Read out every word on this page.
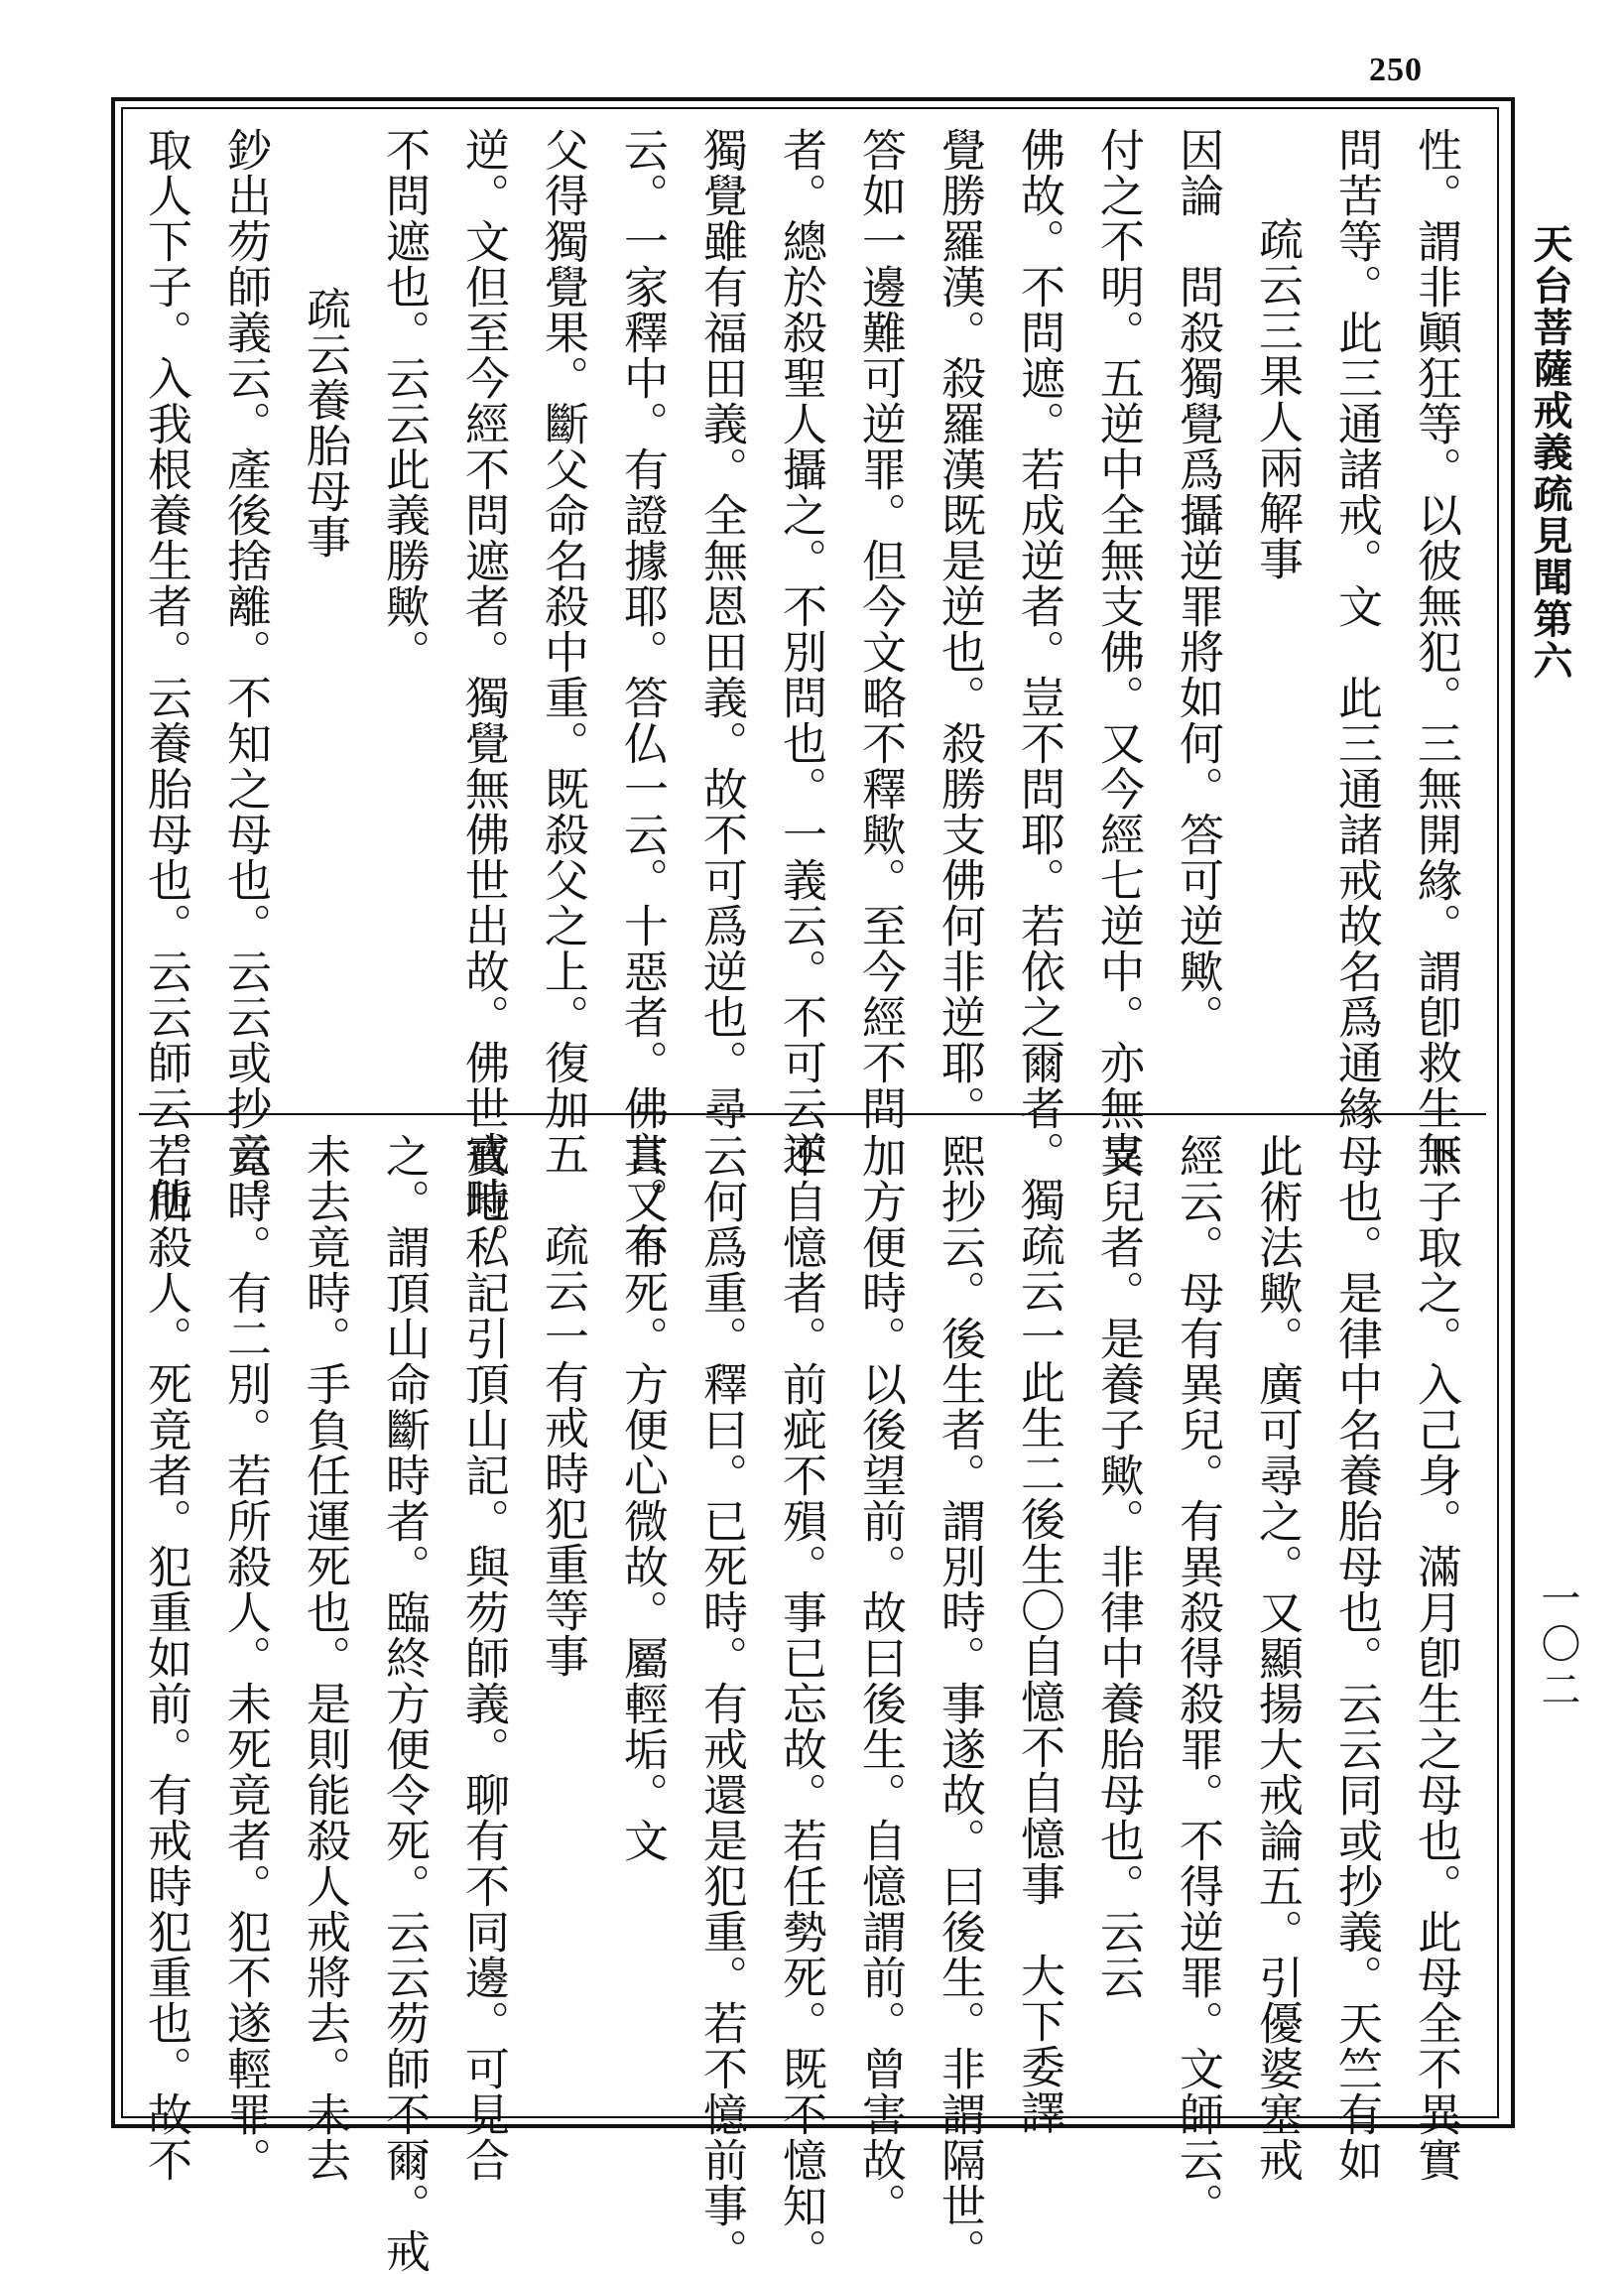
250
天台菩薩戒義疏見聞第六
一〇二
性。謂非顚狂等。以彼無犯。三無開緣。謂卽救生無
問苦等。此三通諸戒。文　此三通諸戒故名爲通緣
疏云三果人兩解事
因論　問殺獨覺爲攝逆罪將如何。答可逆歟。
付之不明。五逆中全無支佛。又今經七逆中。亦無支
佛故。不問遮。若成逆者。豈不問耶。若依之爾者。獨
覺勝羅漢。殺羅漢既是逆也。殺勝支佛何非逆耶。
答如一邊難可逆罪。但今文略不釋歟。至今經不問
者。總於殺聖人攝之。不別問也。一義云。不可云逆
獨覺雖有福田義。全無恩田義。故不可爲逆也。尋
云。一家釋中。有證據耶。答仏一云。十惡者。佛言。有
父得獨覺果。斷父命名殺中重。既殺父之上。復加五
逆。文但至今經不問遮者。獨覺無佛世出故。佛世戒時。
不問遮也。云云此義勝歟。
疏云養胎母事
鈔出芴師義云。產後捨離。不知之母也。云云或抄云。
取人下子。入我根養生者。云養胎母也。云云師云。他
下子取之。入己身。滿月卽生之母也。此母全不異實
母也。是律中名養胎母也。云云同或抄義。天竺有如
此術法歟。廣可尋之。又顯揚大戒論五。引優婆塞戒
經云。母有異兒。有異殺得殺罪。不得逆罪。文師云。
異兒者。是養子歟。非律中養胎母也。云云
疏云一此生二後生〇自憶不自憶事　大下委譯
熙抄云。後生者。謂別時。事遂故。曰後生。非謂隔世。
加方便時。以後望前。故曰後生。自憶謂前。曾害故。
不自憶者。前疵不殞。事已忘故。若任勢死。既不憶知。
云何爲重。釋曰。已死時。有戒還是犯重。若不憶前事。
其又不死。方便心微故。屬輕垢。文
疏云一有戒時犯重等事
寶地私記引頂山記。與芴師義。聊有不同邊。可見合
之。謂頂山命斷時者。臨終方便令死。云云芴師不爾。戒
未去竟時。手負任運死也。是則能殺人戒將去。未去
竟時。有二別。若所殺人。未死竟者。犯不遂輕罪。
若所殺人。死竟者。犯重如前。有戒時犯重也。故不
